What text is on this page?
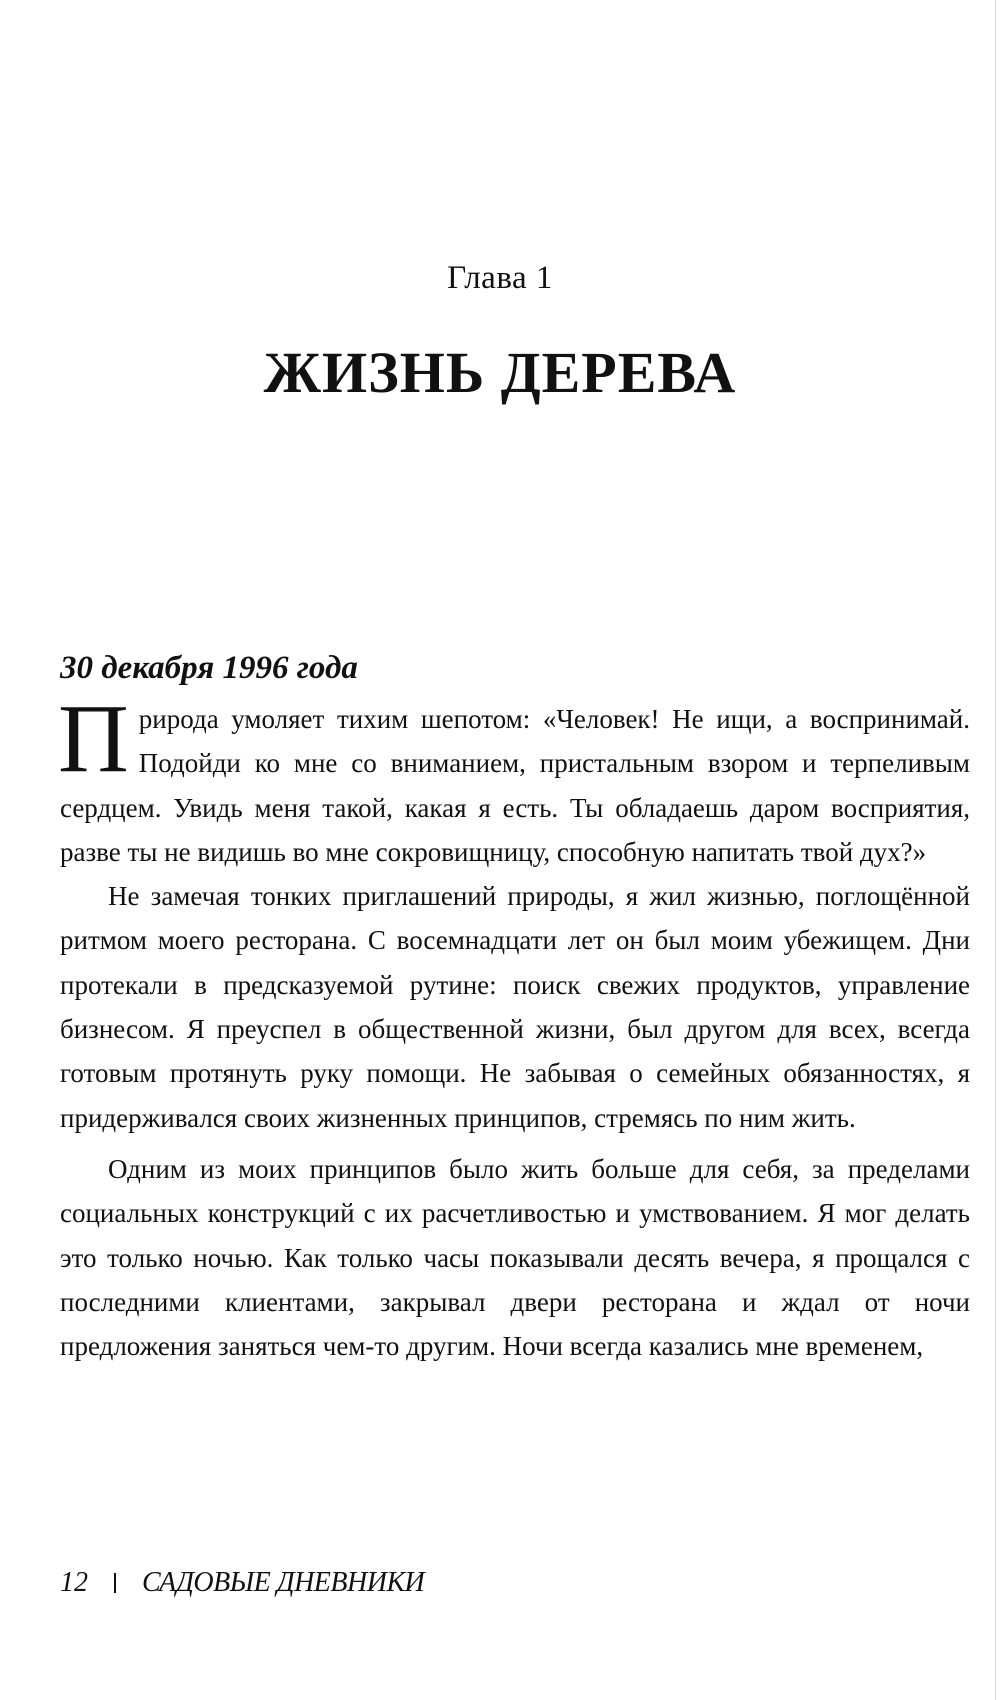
Глава 1
ЖИЗНЬ ДЕРЕВА
30 декабря 1996 года

Природа умоляет тихим шепотом: «Человек! Не ищи, а воспринимай. Подойди ко мне со вниманием, пристальным взором и терпеливым сердцем. Увидь меня такой, какая я есть. Ты обладаешь даром восприятия, разве ты не видишь во мне сокровищницу, способную напитать твой дух?»

Не замечая тонких приглашений природы, я жил жизнью, поглощённой ритмом моего ресторана. С восемнадцати лет он был моим убежищем. Дни протекали в предсказуемой рутине: поиск свежих продуктов, управление бизнесом. Я преуспел в общественной жизни, был другом для всех, всегда готовым протянуть руку помощи. Не забывая о семейных обязанностях, я придерживался своих жизненных принципов, стремясь по ним жить.

Одним из моих принципов было жить больше для себя, за пределами социальных конструкций с их расчетливостью и умствованием. Я мог делать это только ночью. Как только часы показывали десять вечера, я прощался с последними клиентами, закрывал двери ресторана и ждал от ночи предложения заняться чем-то другим. Ночи всегда казались мне временем,

12 САДОВЫЕ ДНЕВНИКИ
